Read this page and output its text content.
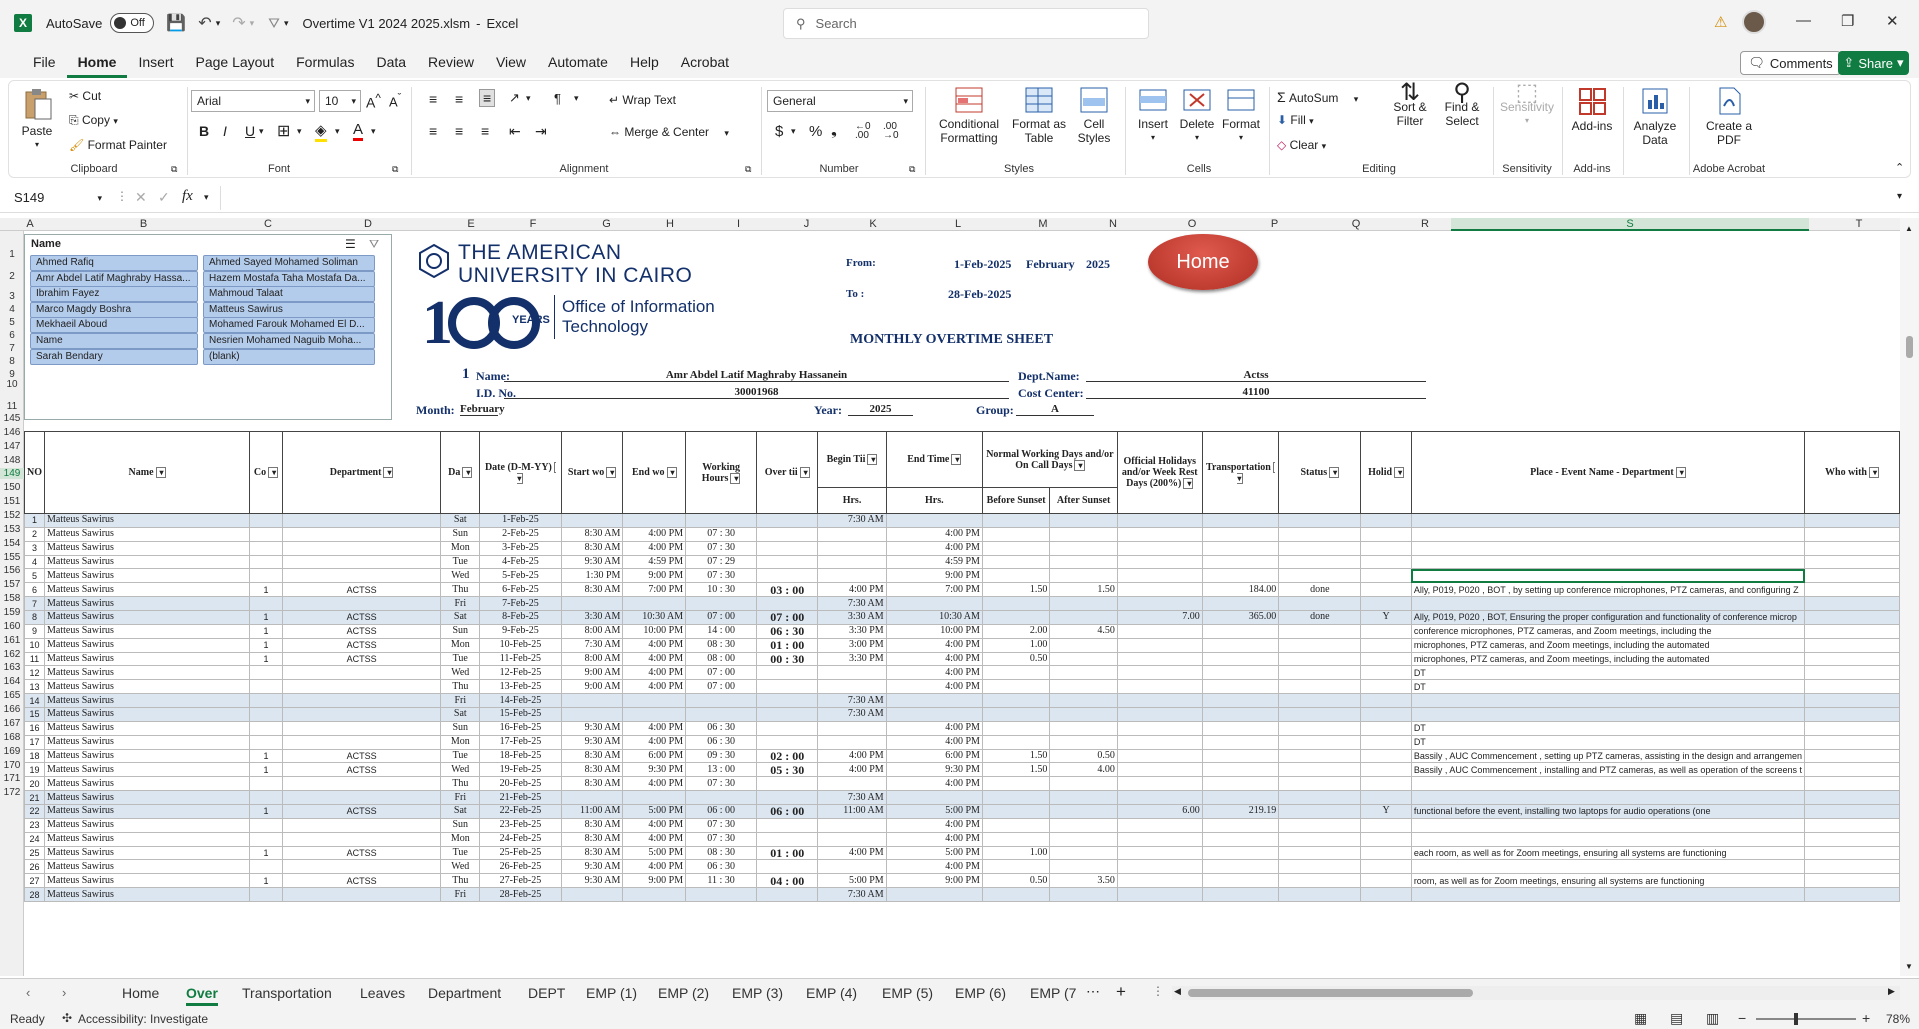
X	AutoSave	Off 💾 ↶ ▾ ↷ ▾ ⛛ ▾ Overtime V1 2024 2025.xlsm - Excel	⚲ Search	⚠	— ❐ ✕
File	Home	Insert	Page Layout	Formulas	Data	Review	View	Automate	Help	Acrobat	🗨 Comments ⇪ Share ▾
Paste
▾
✂ Cut
⎘ Copy ▾
🖌 Format Painter
Clipboard	⧉
Arial	▾	10 ▾ A^ $A^ˇ$
B I U ▾ ⊞ ▾ ◈ ▾ A ▾
Font	⧉
≡ ≡ ≡	↗ ▾ ¶ ▾
≡ ≡ ≡ ⇤ ⇥
↵ Wrap Text
⇔ Merge & Center ▾
Alignment	⧉
General	▾
$ ▾ % ❟ ←0
.00
.00
→0
Number	⧉
Conditional Formatting
Format as Table
Cell Styles
Styles
Insert
▾
Delete
▾
Format
▾
Cells
Σ AutoSum ▾
⬇ Fill ▾
◇ Clear ▾
⇅
Sort & Filter
⚲
Find & Select
Editing
⬚
Sensitivity
▾
Sensitivity
Add-ins
Add-ins
Analyze Data
Create a PDF
Adobe Acrobat	⌃
S149	▾ ⋮ ✕ ✓ fx ▾	▾
A	B	C	D	E	F	G	H	I	J	K	L	M	N	O	P	Q	R	S	T
1
2
3
4
5
6
7
8
9
10
11
145
146
147
148
149
150
151
152
153
154
155
156
157
158
159
160
161
162
163
164
165
166
167
168
169
170
171
172
Name	☰ ⛛
Ahmed Rafiq	Ahmed Sayed Mohamed Soliman
Amr Abdel Latif Maghraby Hassa...	Hazem Mostafa Taha Mostafa Da...
Ibrahim Fayez	Mahmoud Talaat
Marco Magdy Boshra	Matteus Sawirus
Mekhaeil Aboud	Mohamed Farouk Mohamed El D...
Name	Nesrien Mohamed Naguib Moha...
Sarah Bendary	(blank)
THE AMERICAN
UNIVERSITY IN CAIRO
1	YEARS
Office of Information
Technology
From:	1-Feb-2025 February 2025
To :	28-Feb-2025
Home
MONTHLY OVERTIME SHEET
1 Name:	Amr Abdel Latif Maghraby Hassanein	Dept.Name:	Actss
I.D. No.	30001968	Cost Center:	41100
Month: February	Year:	2025	Group:	A
NO	Name ▾	Co ▾	Department ▾	Da ▾	Date (D-M-YY) ▾	Start wo ▾	End wo ▾	Working Hours ▾	Over tii ▾	Begin Tii ▾	End Time ▾	Normal Working Days and/or On Call Days ▾		Official Holidays and/or Week Rest Days (200%) ▾	Transportation ▾	Status ▾	Holid ▾	Place - Event Name - Department ▾	Who with ▾
										Hrs.	Hrs.	Before Sunset	After Sunset						
1	Matteus Sawirus			Sat	1-Feb-25					7:30 AM									
2	Matteus Sawirus			Sun	2-Feb-25	8:30 AM	4:00 PM	07 : 30			4:00 PM								
3	Matteus Sawirus			Mon	3-Feb-25	8:30 AM	4:00 PM	07 : 30			4:00 PM								
4	Matteus Sawirus			Tue	4-Feb-25	9:30 AM	4:59 PM	07 : 29			4:59 PM								
5	Matteus Sawirus			Wed	5-Feb-25	1:30 PM	9:00 PM	07 : 30			9:00 PM								
6	Matteus Sawirus	1	ACTSS	Thu	6-Feb-25	8:30 AM	7:00 PM	10 : 30	03 : 00	4:00 PM	7:00 PM	1.50	1.50		184.00	done		Ally, P019, P020 , BOT , by setting up conference microphones, PTZ cameras, and configuring Z	
7	Matteus Sawirus			Fri	7-Feb-25					7:30 AM									
8	Matteus Sawirus	1	ACTSS	Sat	8-Feb-25	3:30 AM	10:30 AM	07 : 00	07 : 00	3:30 AM	10:30 AM			7.00	365.00	done	Y	Ally, P019, P020 , BOT, Ensuring the proper configuration and functionality of conference microp	
9	Matteus Sawirus	1	ACTSS	Sun	9-Feb-25	8:00 AM	10:00 PM	14 : 00	06 : 30	3:30 PM	10:00 PM	2.00	4.50					conference microphones, PTZ cameras, and Zoom meetings, including the	
10	Matteus Sawirus	1	ACTSS	Mon	10-Feb-25	7:30 AM	4:00 PM	08 : 30	01 : 00	3:00 PM	4:00 PM	1.00						microphones, PTZ cameras, and Zoom meetings, including the automated	
11	Matteus Sawirus	1	ACTSS	Tue	11-Feb-25	8:00 AM	4:00 PM	08 : 00	00 : 30	3:30 PM	4:00 PM	0.50						microphones, PTZ cameras, and Zoom meetings, including the automated	
12	Matteus Sawirus			Wed	12-Feb-25	9:00 AM	4:00 PM	07 : 00			4:00 PM							DT	
13	Matteus Sawirus			Thu	13-Feb-25	9:00 AM	4:00 PM	07 : 00			4:00 PM							DT	
14	Matteus Sawirus			Fri	14-Feb-25					7:30 AM									
15	Matteus Sawirus			Sat	15-Feb-25					7:30 AM									
16	Matteus Sawirus			Sun	16-Feb-25	9:30 AM	4:00 PM	06 : 30			4:00 PM							DT	
17	Matteus Sawirus			Mon	17-Feb-25	9:30 AM	4:00 PM	06 : 30			4:00 PM							DT	
18	Matteus Sawirus	1	ACTSS	Tue	18-Feb-25	8:30 AM	6:00 PM	09 : 30	02 : 00	4:00 PM	6:00 PM	1.50	0.50					Bassily , AUC Commencement , setting up PTZ cameras, assisting in the design and arrangemen	
19	Matteus Sawirus	1	ACTSS	Wed	19-Feb-25	8:30 AM	9:30 PM	13 : 00	05 : 30	4:00 PM	9:30 PM	1.50	4.00					Bassily , AUC Commencement , installing and PTZ cameras, as well as operation of the screens t	
20	Matteus Sawirus			Thu	20-Feb-25	8:30 AM	4:00 PM	07 : 30			4:00 PM								
21	Matteus Sawirus			Fri	21-Feb-25					7:30 AM									
22	Matteus Sawirus	1	ACTSS	Sat	22-Feb-25	11:00 AM	5:00 PM	06 : 00	06 : 00	11:00 AM	5:00 PM			6.00	219.19		Y	functional before the event, installing two laptops for audio operations (one	
23	Matteus Sawirus			Sun	23-Feb-25	8:30 AM	4:00 PM	07 : 30			4:00 PM								
24	Matteus Sawirus			Mon	24-Feb-25	8:30 AM	4:00 PM	07 : 30			4:00 PM								
25	Matteus Sawirus	1	ACTSS	Tue	25-Feb-25	8:30 AM	5:00 PM	08 : 30	01 : 00	4:00 PM	5:00 PM	1.00						each room, as well as for Zoom meetings, ensuring all systems are functioning	
26	Matteus Sawirus			Wed	26-Feb-25	9:30 AM	4:00 PM	06 : 30			4:00 PM								
27	Matteus Sawirus	1	ACTSS	Thu	27-Feb-25	9:30 AM	9:00 PM	11 : 30	04 : 00	5:00 PM	9:00 PM	0.50	3.50					room, as well as for Zoom meetings, ensuring all systems are functioning	
28	Matteus Sawirus			Fri	28-Feb-25					7:30 AM									
▲
▼
‹ ›	Home Over Transportation Leaves Department DEPT EMP (1) EMP (2) EMP (3) EMP (4) EMP (5) EMP (6) EMP (7 ⋯ + ⋮ ◀	▶
Ready ✣ Accessibility: Investigate	▦ ▤ ▥ −	+ 78%
